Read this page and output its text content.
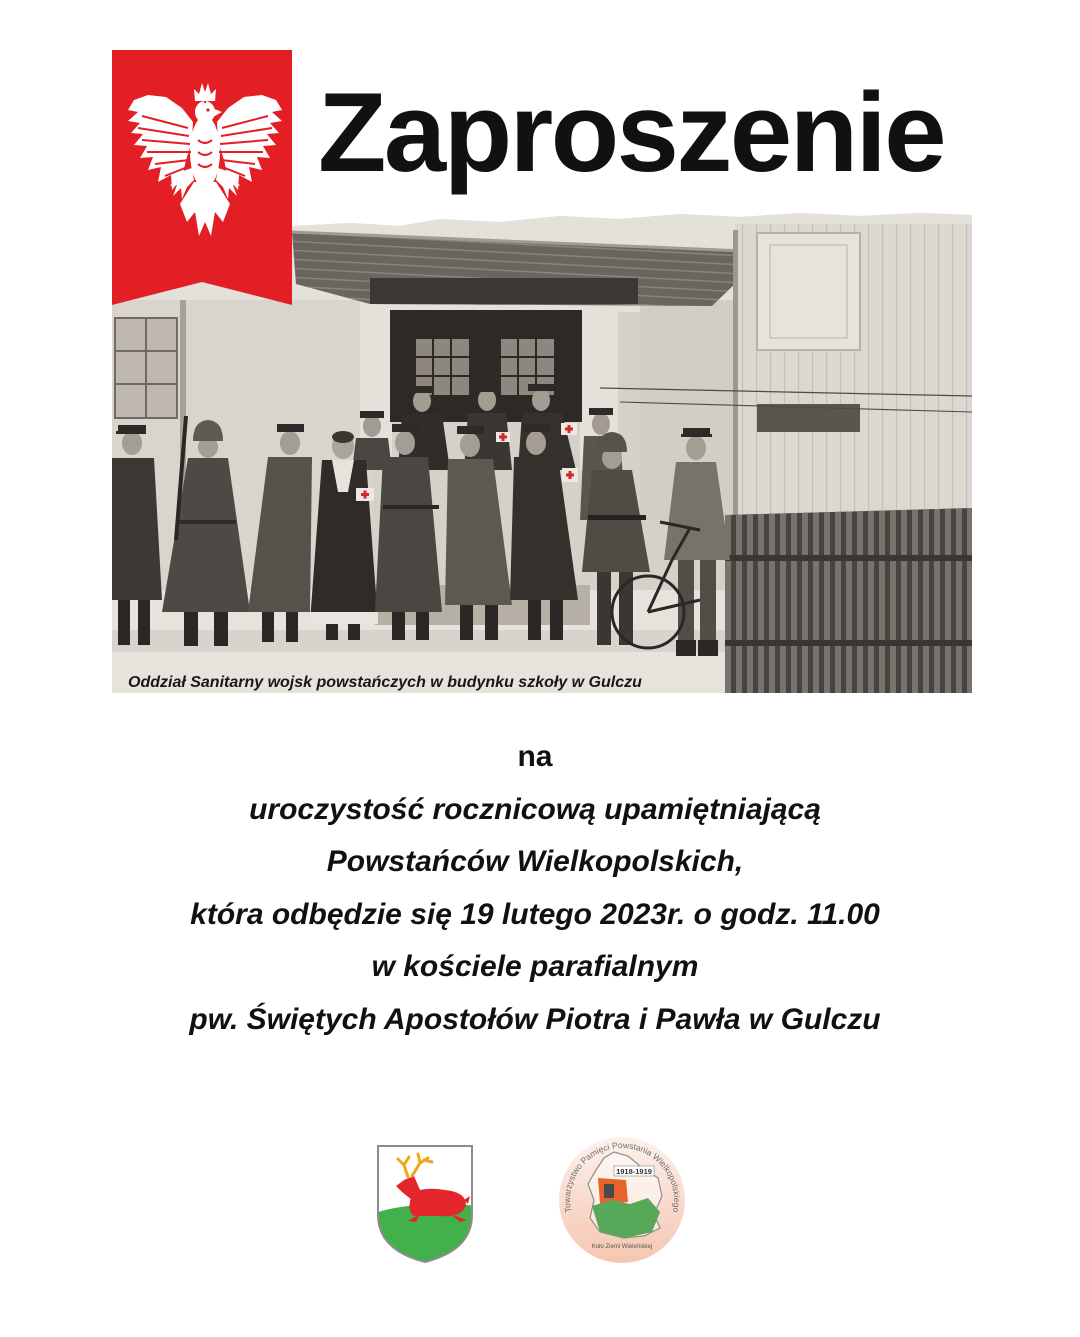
Zaproszenie
Oddział Sanitarny wojsk powstańczych w budynku szkoły w Gulczu
na
uroczystość rocznicową upamiętniającą
Powstańców Wielkopolskich,
która odbędzie się 19 lutego 2023r. o godz. 11.00
w kościele parafialnym
pw. Świętych Apostołów Piotra i Pawła w Gulczu
1918-1919
Towarzystwo Pamięci Powstania Wielkopolskiego
Koło Ziemi Wieleńskiej
